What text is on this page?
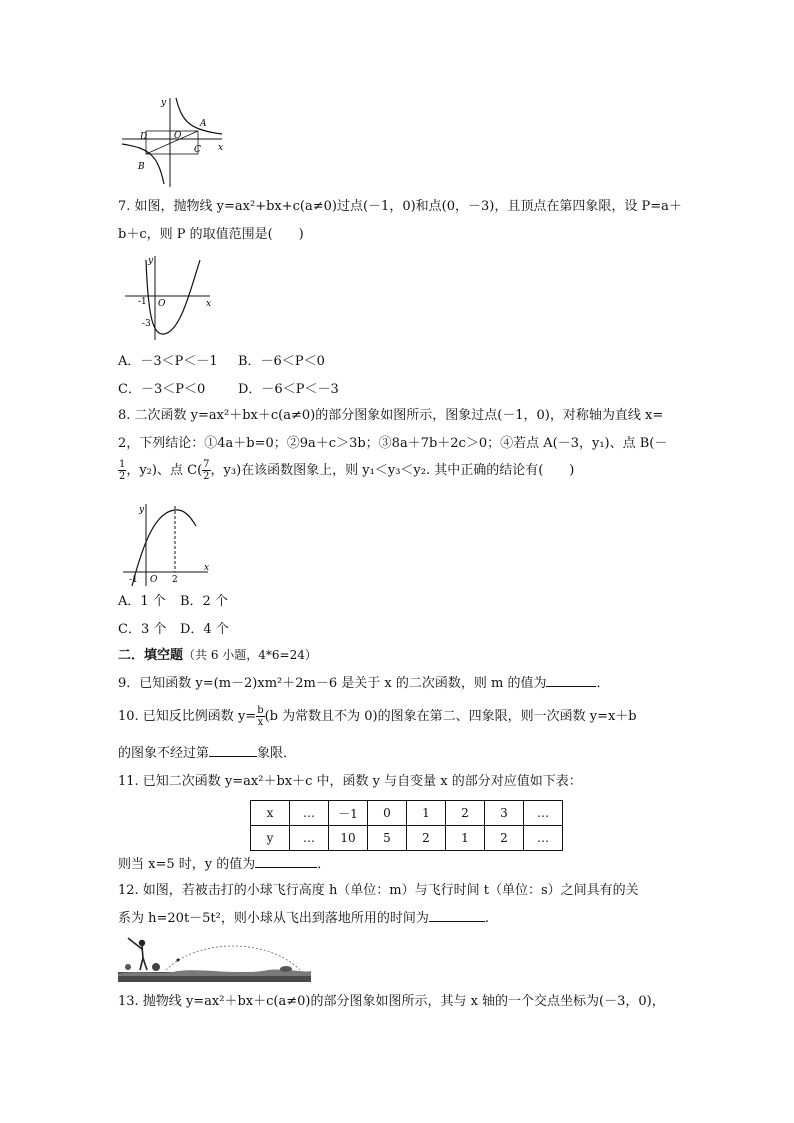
y
x
O
A
B
C
D
7. 如图，抛物线 y=ax²+bx+c(a≠0)过点(－1，0)和点(0，－3)，且顶点在第四象限，设 P=a＋
b＋c，则 P 的取值范围是(　　)
y
x
O
-1
-3
A．－3＜P＜－1 B．－6＜P＜0
C．－3＜P＜0	D．－6＜P＜－3
8. 二次函数 y=ax²＋bx＋c(a≠0)的部分图象如图所示，图象过点(－1，0)，对称轴为直线 x=
2，下列结论：①4a＋b=0；②9a＋c＞3b；③8a＋7b＋2c＞0；④若点 A(－3，y₁)、点 B(－
$\frac{1}{2}$ ，y₂)、点 $C( \frac{7}{2}$ ，y₃)在该函数图象上，则 y₁＜y₃＜y₂. 其中正确的结论有(　　)
y
x
O
-1	2
A．1 个 B．2 个
C．3 个 D．4 个
二．填空题（共 6 小题，4*6=24）
9．已知函数 y=(m－2)xm²＋2m－6 是关于 x 的二次函数，则 m 的值为	．
10. 已知反比例函数 $y= \frac{b}{x} (b$ 为常数且不为 0)的图象在第二、四象限，则一次函数 y=x＋b
的图象不经过第	象限．
11. 已知二次函数 y=ax²＋bx＋c 中，函数 y 与自变量 x 的部分对应值如下表：
x	…	－1	0	1	2	3	…
y	…	10	5	2	1	2	…
则当 x=5 时，y 的值为	．
12. 如图，若被击打的小球飞行高度 h（单位：m）与飞行时间 t（单位：s）之间具有的关
系为 h=20t－5t²，则小球从飞出到落地所用的时间为	.
13. 抛物线 y=ax²＋bx＋c(a≠0)的部分图象如图所示，其与 x 轴的一个交点坐标为(－3，0)，
